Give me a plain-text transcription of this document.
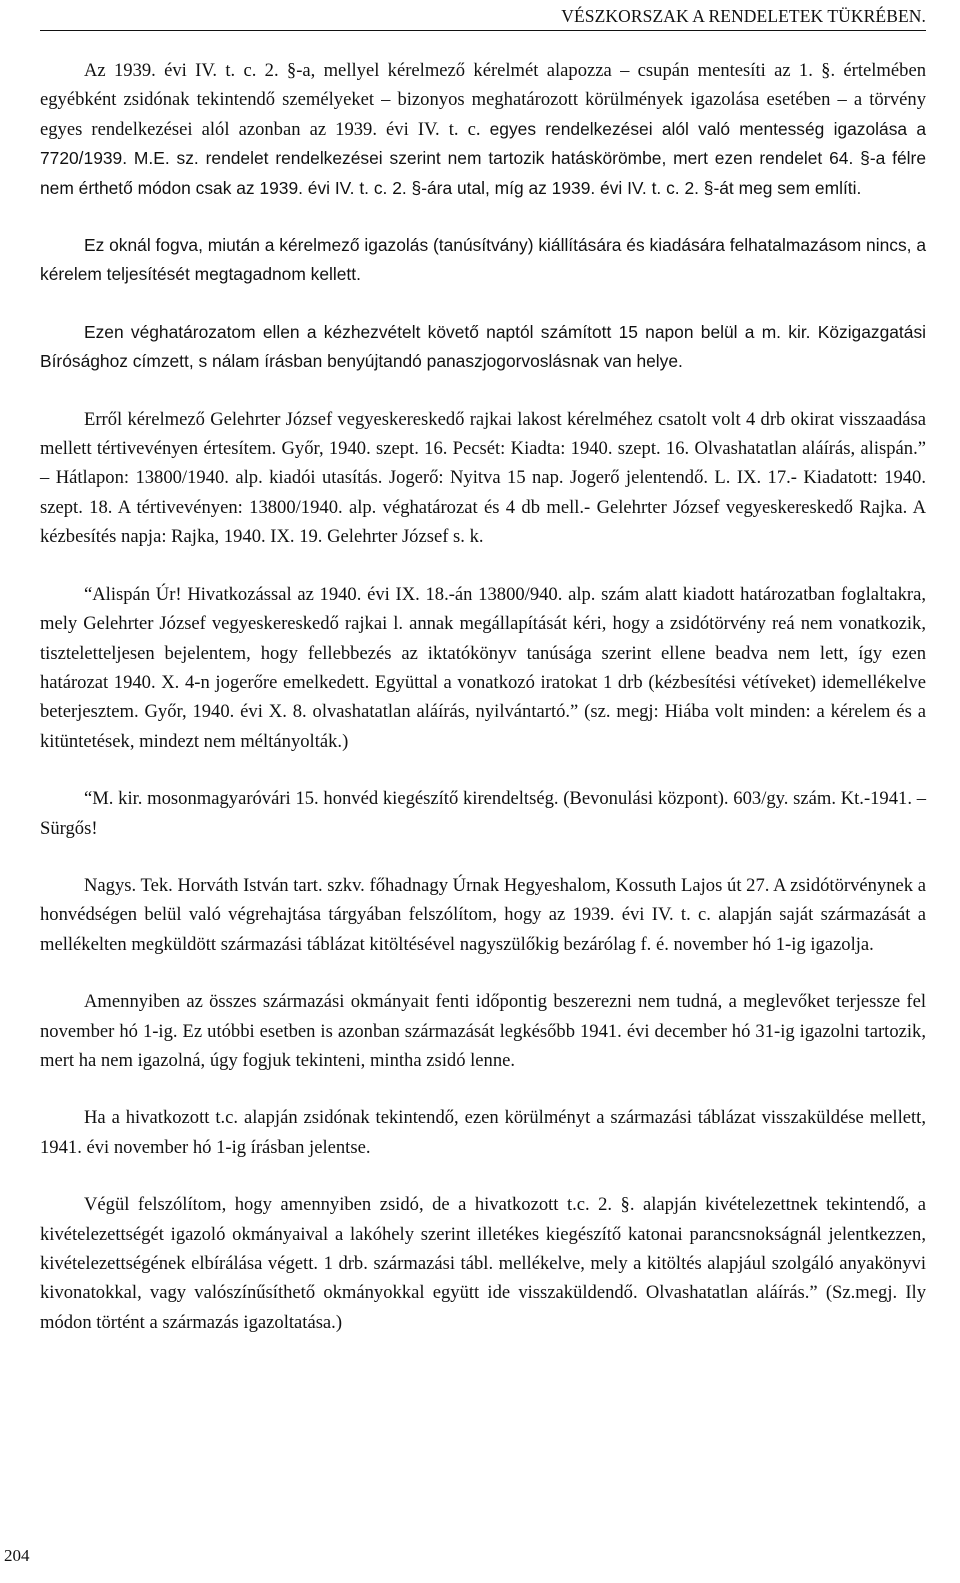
VÉSZKORSZAK A RENDELETEK TÜKRÉBEN.

Az 1939. évi IV. t. c. 2. §-a, mellyel kérelmező kérelmét alapozza – csupán mentesíti az 1. §. értelmében egyébként zsidónak tekintendő személyeket – bizonyos meghatározott körülmények igazolása esetében – a törvény egyes rendelkezései alól azonban az 1939. évi IV. t. c. egyes rendelkezései alól való mentesség igazolása a 7720/1939. M.E. sz. rendelet rendelkezései szerint nem tartozik hatáskörömbe, mert ezen rendelet 64. §-a félre nem érthető módon csak az 1939. évi IV. t. c. 2. §-ára utal, míg az 1939. évi IV. t. c. 2. §-át meg sem említi.

Ez oknál fogva, miután a kérelmező igazolás (tanúsítvány) kiállítására és kiadására felhatalmazásom nincs, a kérelem teljesítését megtagadnom kellett.

Ezen véghatározatom ellen a kézhezvételt követő naptól számított 15 napon belül a m. kir. Közigazgatási Bírósághoz címzett, s nálam írásban benyújtandó panaszjogorvoslásnak van helye.

Erről kérelmező Gelehrter József vegyeskereskedő rajkai lakost kérelméhez csatolt volt 4 drb okirat visszaadása mellett tértivevényen értesítem. Győr, 1940. szept. 16. Pecsét: Kiadta: 1940. szept. 16. Olvashatatlan aláírás, alispán.” – Hátlapon: 13800/1940. alp. kiadói utasítás. Jogerő: Nyitva 15 nap. Jogerő jelentendő. L. IX. 17.- Kiadatott: 1940. szept. 18. A tértivevényen: 13800/1940. alp. véghatározat és 4 db mell.- Gelehrter József vegyeskereskedő Rajka. A kézbesítés napja: Rajka, 1940. IX. 19. Gelehrter József s. k.

“Alispán Úr! Hivatkozással az 1940. évi IX. 18.-án 13800/940. alp. szám alatt kiadott határozatban foglaltakra, mely Gelehrter József vegyeskereskedő rajkai l. annak megállapítását kéri, hogy a zsidótörvény reá nem vonatkozik, tiszteletteljesen bejelentem, hogy fellebbezés az iktatókönyv tanúsága szerint ellene beadva nem lett, így ezen határozat 1940. X. 4-n jogerőre emelkedett. Együttal a vonatkozó iratokat 1 drb (kézbesítési vétíveket) idemellékelve beterjesztem. Győr, 1940. évi X. 8. olvashatatlan aláírás, nyilvántartó.” (sz. megj: Hiába volt minden: a kérelem és a kitüntetések, mindezt nem méltányolták.)

“M. kir. mosonmagyaróvári 15. honvéd kiegészítő kirendeltség. (Bevonulási központ). 603/gy. szám. Kt.-1941. – Sürgős!

Nagys. Tek. Horváth István tart. szkv. főhadnagy Úrnak Hegyeshalom, Kossuth Lajos út 27. A zsidótörvénynek a honvédségen belül való végrehajtása tárgyában felszólítom, hogy az 1939. évi IV. t. c. alapján saját származását a mellékelten megküldött származási táblázat kitöltésével nagyszülőkig bezárólag f. é. november hó 1-ig igazolja.

Amennyiben az összes származási okmányait fenti időpontig beszerezni nem tudná, a meglevőket terjessze fel november hó 1-ig. Ez utóbbi esetben is azonban származását legkésőbb 1941. évi december hó 31-ig igazolni tartozik, mert ha nem igazolná, úgy fogjuk tekinteni, mintha zsidó lenne.

Ha a hivatkozott t.c. alapján zsidónak tekintendő, ezen körülményt a származási táblázat visszaküldése mellett, 1941. évi november hó 1-ig írásban jelentse.

Végül felszólítom, hogy amennyiben zsidó, de a hivatkozott t.c. 2. §. alapján kivételezettnek tekintendő, a kivételezettségét igazoló okmányaival a lakóhely szerint illetékes kiegészítő katonai parancsnokságnál jelentkezzen, kivételezettségének elbírálása végett. 1 drb. származási tábl. mellékelve, mely a kitöltés alapjául szolgáló anyakönyvi kivonatokkal, vagy valószínűsíthető okmányokkal együtt ide visszaküldendő. Olvashatatlan aláírás.” (Sz.megj. Ily módon történt a származás igazoltatása.)

204
